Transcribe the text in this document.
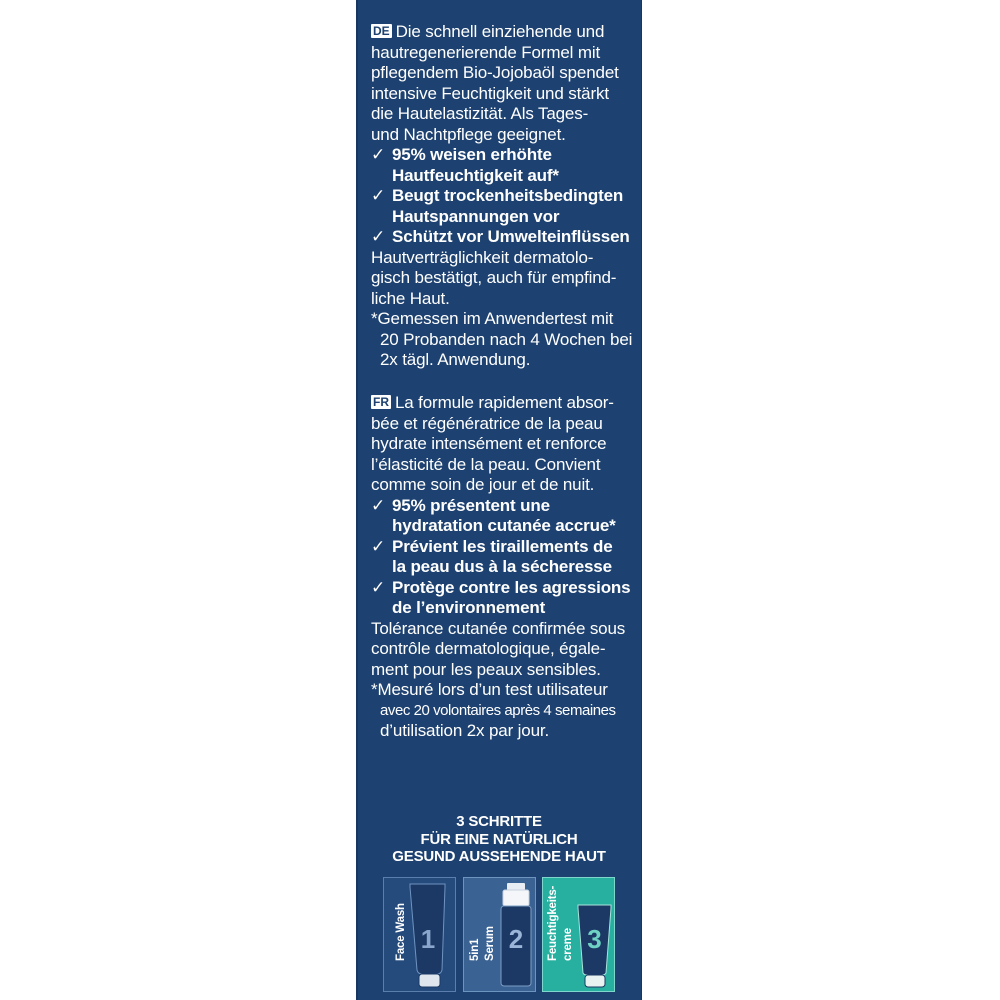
DE Die schnell einziehende und
hautregenerierende Formel mit
pflegendem Bio-Jojobaöl spendet
intensive Feuchtigkeit und stärkt
die Hautelastizität. Als Tages-
und Nachtpflege geeignet.
✓95% weisen erhöhte
Hautfeuchtigkeit auf*
✓Beugt trockenheitsbedingten
Hautspannungen vor
✓Schützt vor Umwelteinflüssen
Hautverträglichkeit dermatolo-
gisch bestätigt, auch für empfind-
liche Haut.
*Gemessen im Anwendertest mit
20 Probanden nach 4 Wochen bei
2x tägl. Anwendung.
FR La formule rapidement absor-
bée et régénératrice de la peau
hydrate intensément et renforce
l’élasticité de la peau. Convient
comme soin de jour et de nuit.
✓95% présentent une
hydratation cutanée accrue*
✓Prévient les tiraillements de
la peau dus à la sécheresse
✓Protège contre les agressions
de l’environnement
Tolérance cutanée confirmée sous
contrôle dermatologique, égale-
ment pour les peaux sensibles.
*Mesuré lors d’un test utilisateur
avec 20 volontaires après 4 semaines
d’utilisation 2x par jour.
3 SCHRITTE
FÜR EINE NATÜRLICH
GESUND AUSSEHENDE HAUT
1
Face Wash	2
5in1 Serum	3
Feuchtigkeits- creme
